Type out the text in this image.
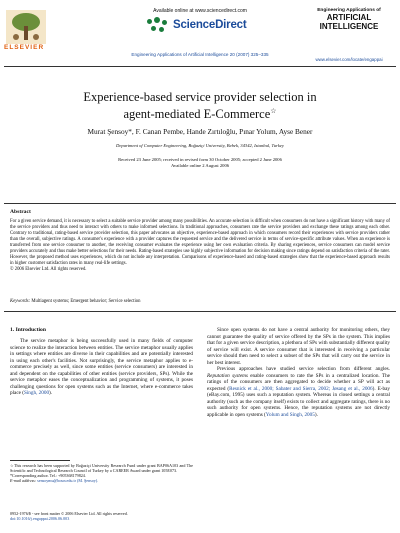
ELSEVIER
Available online at www.sciencedirect.com
ScienceDirect
Engineering Applications of Artificial Intelligence 20 (2007) 325–335
Engineering Applications of
ARTIFICIAL
INTELLIGENCE
www.elsevier.com/locate/engappai
Experience-based service provider selection in
agent-mediated E-Commerce☆
Murat Şensoy*, F. Canan Pembe, Hande Zırtıloğlu, Pınar Yolum, Ayse Bener
Department of Computer Engineering, Boğaziçi University, Bebek, 34342, Istanbul, Turkey
Received 23 June 2005; received in revised form 30 October 2005; accepted 2 June 2006
Available online 2 August 2006
Abstract
For a given service demand, it is necessary to select a suitable service provider among many possibilities. An accurate selection is difficult when consumers do not have a significant history with many of the service providers and thus need to interact with others to make informed selections. In traditional approaches, consumers rate the service providers and exchange these ratings among each other. Contrary to traditional, rating-based service provider selection, this paper advocates an objective, experience-based approach in which consumers record their experiences with service providers rather than the overall, subjective ratings. A consumer's experience with a provider captures the requested service and the delivered service in terms of service-specific attribute values. When an experience is transferred from one service consumer to another, the receiving consumer evaluates the experience using her own evaluation criteria. By sharing experiences, service consumers can model service providers accurately and thus make better selections for their needs. Rating-based strategies use highly subjective information for decision making since ratings depend on satisfaction criteria of the rater. However, the proposed method uses experiences, which do not include any interpretation. Comparisons of experience-based and rating-based strategies show that the experience-based approach results in higher customer satisfaction rates in many real-life settings.
© 2006 Elsevier Ltd. All rights reserved.
Keywords: Multiagent systems; Emergent behavior; Service selection
1. Introduction
The service metaphor is being successfully used in many fields of computer science to realize the interaction between entities. The service metaphor usually applies in settings where entities are diverse in their capabilities and are potentially interested in using each other's facilities. Not surprisingly, the service metaphor applies to e-commerce precisely as well, since some entities (service consumers) are interested in and dependent on the capabilities of other entities (service providers, SPs). While the service metaphor eases the conceptualization and programming of systems, it poses challenging questions for open systems such as the Internet, where e-commerce takes place (Singh, 2000).

Since open systems do not have a central authority for monitoring others, they cannot guarantee the quality of service offered by the SPs in the system. This implies that for a given service description, a plethora of SPs with substantially different quality of service will exist. A service consumer that is interested in receiving a particular service should then need to select a subset of the SPs that will carry out the service in her best interest.

Previous approaches have studied service selection from different angles. Reputation systems enable consumers to rate the SPs in a centralized location. The ratings of the consumers are then aggregated to decide whether a SP will act as expected (Resnick et al., 2000; Sabater and Sierra, 2002; Jøsang et al., 2006). E-bay (eBay.com, 1995) uses such a reputation system. Whereas in closed settings a central authority (such as the company itself) exists to collect and aggregate ratings, there is no such authority for open systems. Hence, the reputation systems are not directly applicable in open systems (Yolum and Singh, 2005).

☆This research has been supported by Boğaziçi University Research Fund under grant BAP06A103 and The Scientific and Technological Research Council of Turkey by a CAREER Award under grant 105E073.
*Corresponding author. Tel.: +905368179824.
E-mail address: sensoymu@boun.edu.tr (M. Şensoy).
0952-1976/$ - see front matter © 2006 Elsevier Ltd. All rights reserved.
doi:10.1016/j.engappai.2006.06.003
